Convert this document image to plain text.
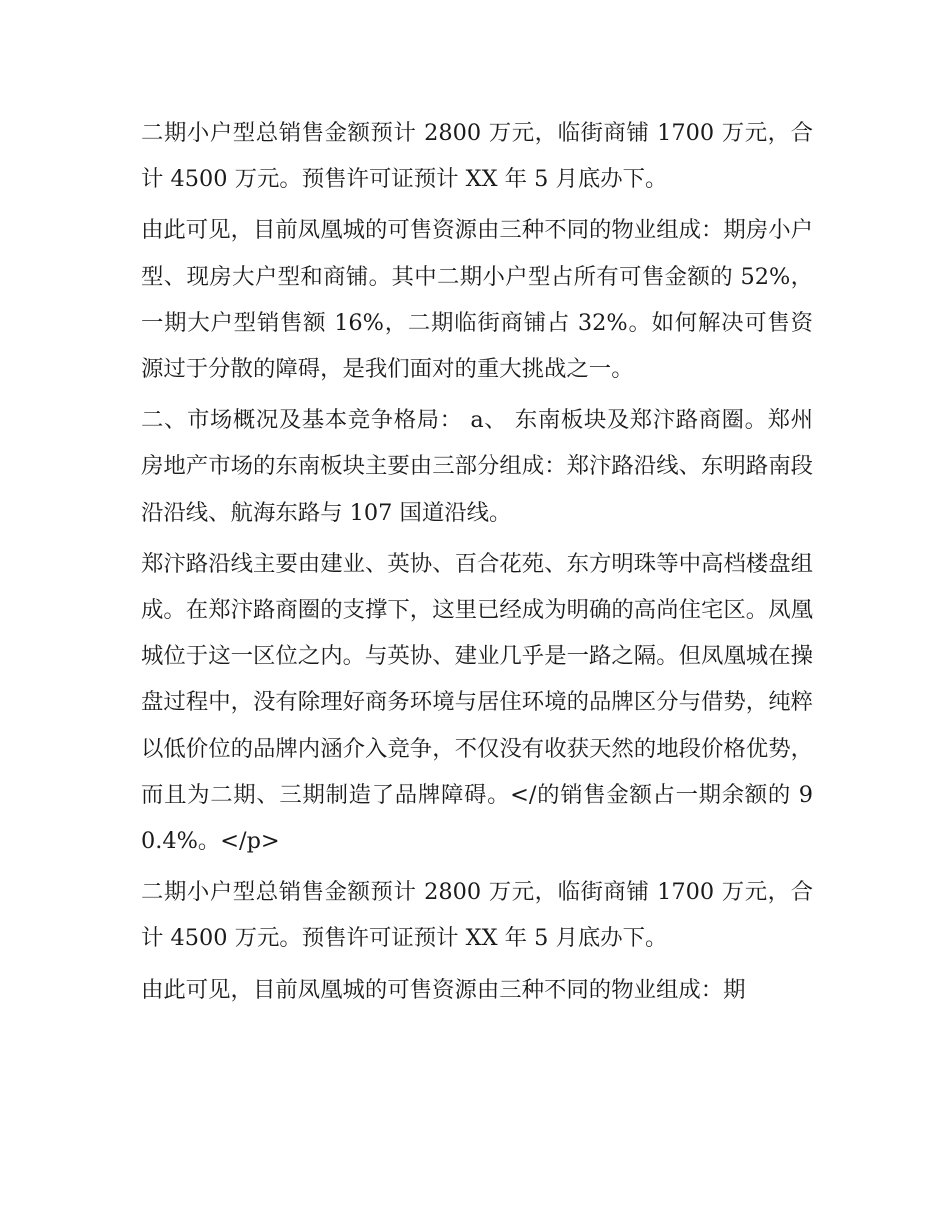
二期小户型总销售金额预计 2800 万元，临街商铺 1700 万元，合计 4500 万元。预售许可证预计 XX 年 5 月底办下。

由此可见，目前凤凰城的可售资源由三种不同的物业组成：期房小户型、现房大户型和商铺。其中二期小户型占所有可售金额的 52%，一期大户型销售额 16%，二期临街商铺占 32%。如何解决可售资源过于分散的障碍，是我们面对的重大挑战之一。

二、市场概况及基本竞争格局： a、 东南板块及郑汴路商圈。郑州房地产市场的东南板块主要由三部分组成：郑汴路沿线、东明路南段沿沿线、航海东路与 107 国道沿线。

郑汴路沿线主要由建业、英协、百合花苑、东方明珠等中高档楼盘组成。在郑汴路商圈的支撑下，这里已经成为明确的高尚住宅区。凤凰城位于这一区位之内。与英协、建业几乎是一路之隔。但凤凰城在操盘过程中，没有除理好商务环境与居住环境的品牌区分与借势，纯粹以低价位的品牌内涵介入竞争，不仅没有收获天然的地段价格优势，而且为二期、三期制造了品牌障碍。</的销售金额占一期余额的 90.4%。</p>

二期小户型总销售金额预计 2800 万元，临街商铺 1700 万元，合计 4500 万元。预售许可证预计 XX 年 5 月底办下。

由此可见，目前凤凰城的可售资源由三种不同的物业组成：期
